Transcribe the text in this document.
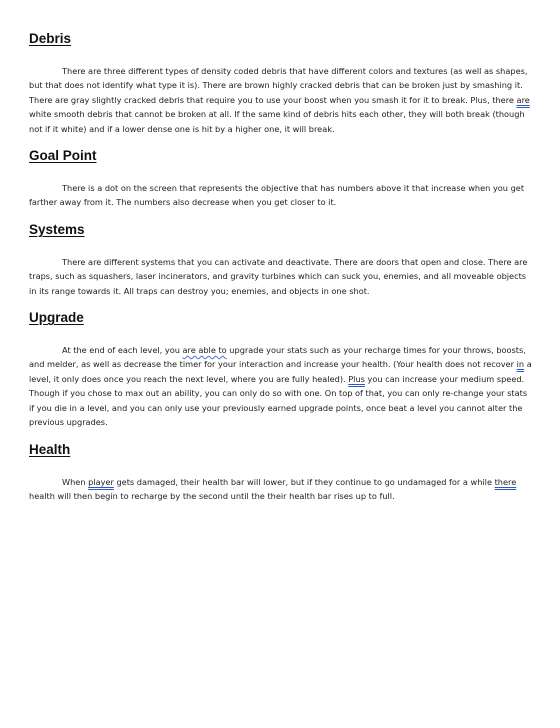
Debris

There are three different types of density coded debris that have different colors and textures (as well as shapes, but that does not identify what type it is). There are brown highly cracked debris that can be broken just by smashing it. There are gray slightly cracked debris that require you to use your boost when you smash it for it to break. Plus, there are white smooth debris that cannot be broken at all. If the same kind of debris hits each other, they will both break (though not if it white) and if a lower dense one is hit by a higher one, it will break.

Goal Point

There is a dot on the screen that represents the objective that has numbers above it that increase when you get farther away from it. The numbers also decrease when you get closer to it.

Systems

There are different systems that you can activate and deactivate. There are doors that open and close. There are traps, such as squashers, laser incinerators, and gravity turbines which can suck you, enemies, and all moveable objects in its range towards it. All traps can destroy you; enemies, and objects in one shot.

Upgrade

At the end of each level, you are able to upgrade your stats such as your recharge times for your throws, boosts, and melder, as well as decrease the timer for your interaction and increase your health. (Your health does not recover in a level, it only does once you reach the next level, where you are fully healed). Plus you can increase your medium speed. Though if you chose to max out an ability, you can only do so with one. On top of that, you can only re-change your stats if you die in a level, and you can only use your previously earned upgrade points, once beat a level you cannot alter the previous upgrades.

Health

When player gets damaged, their health bar will lower, but if they continue to go undamaged for a while there health will then begin to recharge by the second until the their health bar rises up to full.
